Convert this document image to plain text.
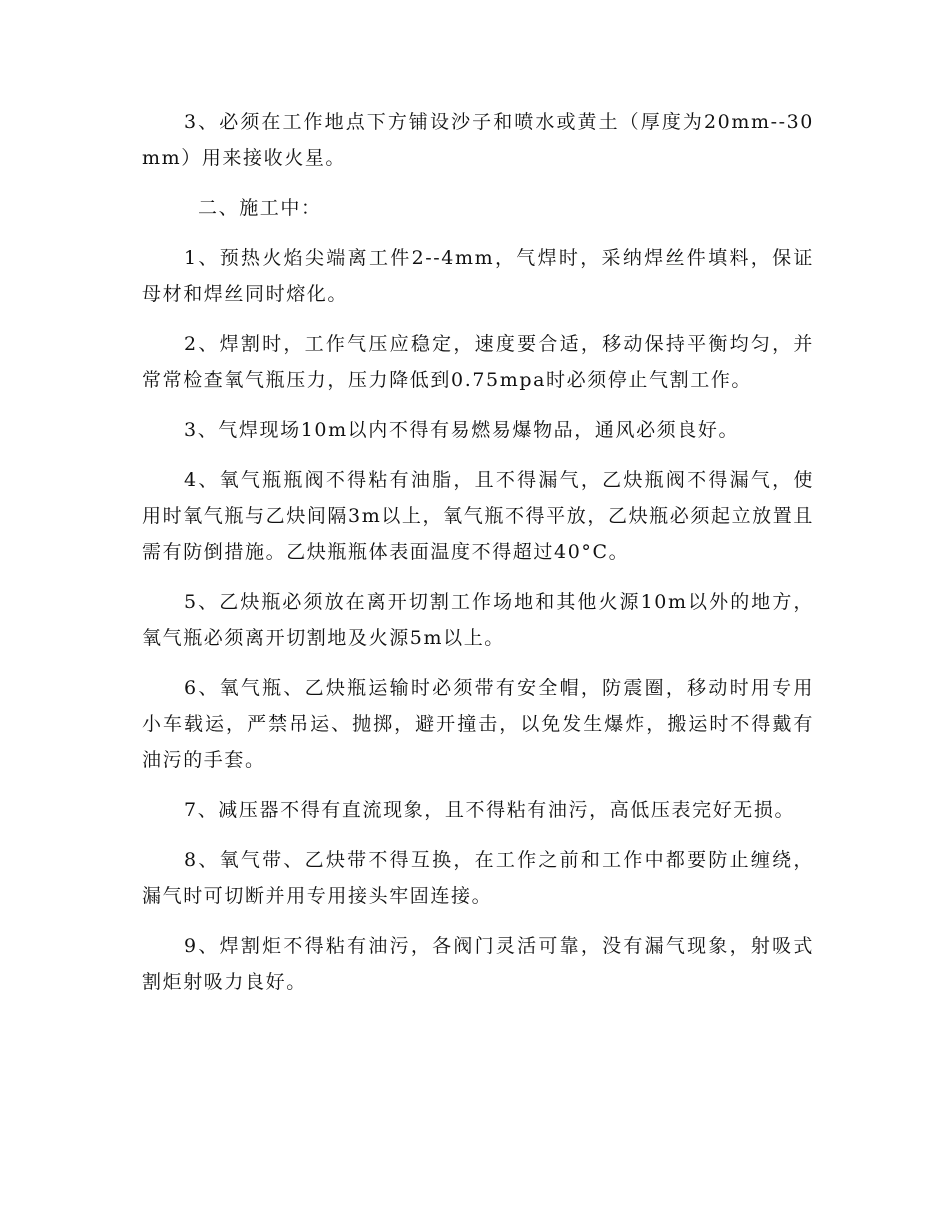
3、必须在工作地点下方铺设沙子和喷水或黄土（厚度为20mm--30mm）用来接收火星。

二、施工中：

1、预热火焰尖端离工件2--4mm，气焊时，采纳焊丝件填料，保证母材和焊丝同时熔化。

2、焊割时，工作气压应稳定，速度要合适，移动保持平衡均匀，并常常检查氧气瓶压力，压力降低到0.75mpa时必须停止气割工作。

3、气焊现场10m以内不得有易燃易爆物品，通风必须良好。

4、氧气瓶瓶阀不得粘有油脂，且不得漏气，乙炔瓶阀不得漏气，使用时氧气瓶与乙炔间隔3m以上，氧气瓶不得平放，乙炔瓶必须起立放置且需有防倒措施。乙炔瓶瓶体表面温度不得超过40°C。

5、乙炔瓶必须放在离开切割工作场地和其他火源10m以外的地方，氧气瓶必须离开切割地及火源5m以上。

6、氧气瓶、乙炔瓶运输时必须带有安全帽，防震圈，移动时用专用小车载运，严禁吊运、抛掷，避开撞击，以免发生爆炸，搬运时不得戴有油污的手套。

7、减压器不得有直流现象，且不得粘有油污，高低压表完好无损。

8、氧气带、乙炔带不得互换，在工作之前和工作中都要防止缠绕，漏气时可切断并用专用接头牢固连接。

9、焊割炬不得粘有油污，各阀门灵活可靠，没有漏气现象，射吸式割炬射吸力良好。
